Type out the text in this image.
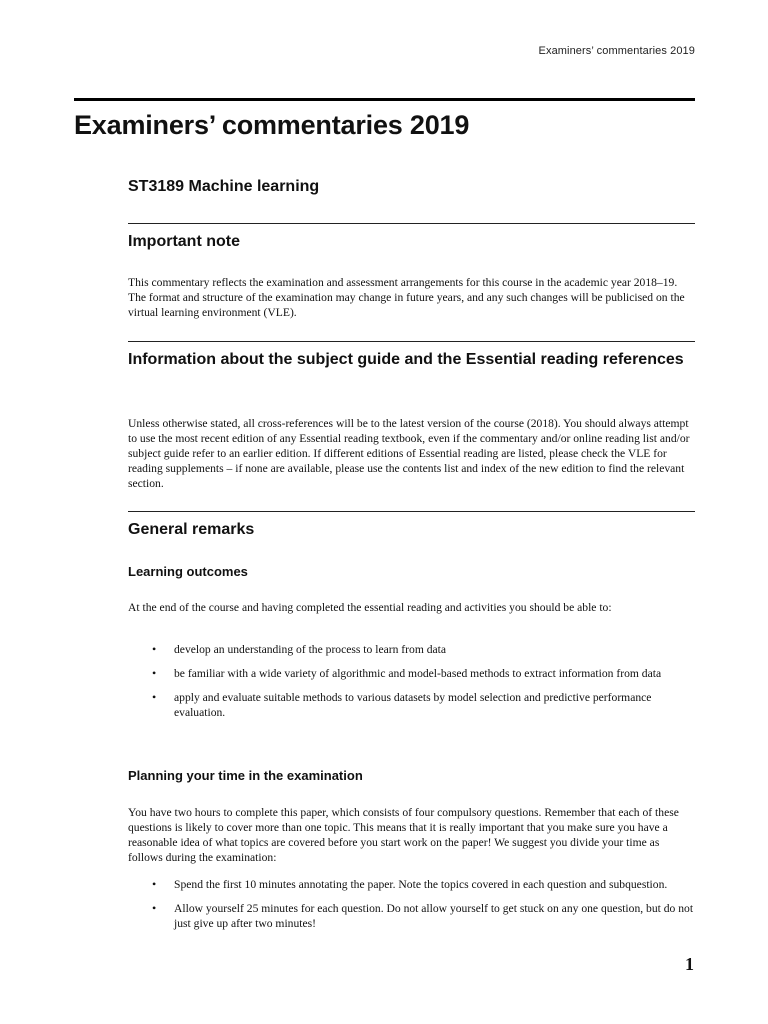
Examiners’ commentaries 2019
Examiners’ commentaries 2019
ST3189 Machine learning
Important note

This commentary reflects the examination and assessment arrangements for this course in the academic year 2018–19. The format and structure of the examination may change in future years, and any such changes will be publicised on the virtual learning environment (VLE).

Information about the subject guide and the Essential reading references

Unless otherwise stated, all cross-references will be to the latest version of the course (2018). You should always attempt to use the most recent edition of any Essential reading textbook, even if the commentary and/or online reading list and/or subject guide refer to an earlier edition. If different editions of Essential reading are listed, please check the VLE for reading supplements – if none are available, please use the contents list and index of the new edition to find the relevant section.

General remarks
Learning outcomes

At the end of the course and having completed the essential reading and activities you should be able to:

•	develop an understanding of the process to learn from data
•	be familiar with a wide variety of algorithmic and model-based methods to extract information from data
•	apply and evaluate suitable methods to various datasets by model selection and predictive performance evaluation.
Planning your time in the examination

You have two hours to complete this paper, which consists of four compulsory questions. Remember that each of these questions is likely to cover more than one topic. This means that it is really important that you make sure you have a reasonable idea of what topics are covered before you start work on the paper! We suggest you divide your time as follows during the examination:

•	Spend the first 10 minutes annotating the paper. Note the topics covered in each question and subquestion.
•	Allow yourself 25 minutes for each question. Do not allow yourself to get stuck on any one question, but do not just give up after two minutes!
1
